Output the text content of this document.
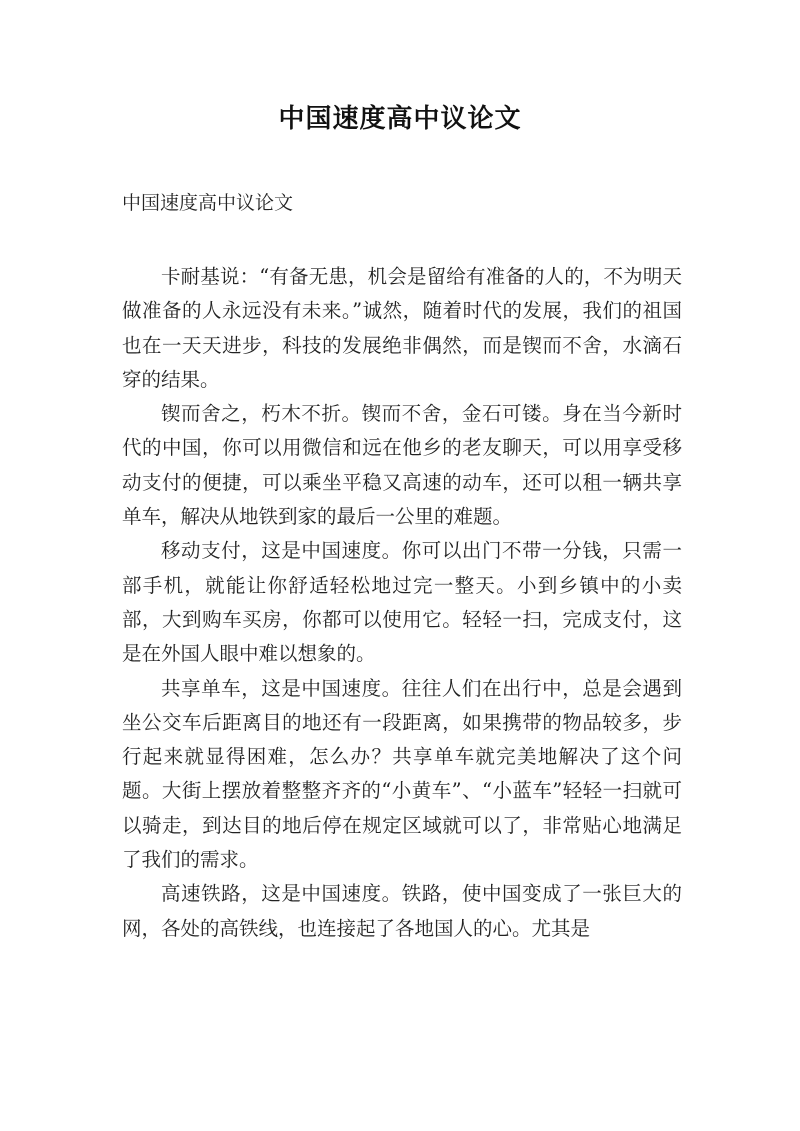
中国速度高中议论文

中国速度高中议论文

卡耐基说：“有备无患，机会是留给有准备的人的，不为明天做准备的人永远没有未来。”诚然，随着时代的发展，我们的祖国也在一天天进步，科技的发展绝非偶然，而是锲而不舍，水滴石穿的结果。

锲而舍之，朽木不折。锲而不舍，金石可镂。身在当今新时代的中国，你可以用微信和远在他乡的老友聊天，可以用享受移动支付的便捷，可以乘坐平稳又高速的动车，还可以租一辆共享单车，解决从地铁到家的最后一公里的难题。

移动支付，这是中国速度。你可以出门不带一分钱，只需一部手机，就能让你舒适轻松地过完一整天。小到乡镇中的小卖部，大到购车买房，你都可以使用它。轻轻一扫，完成支付，这是在外国人眼中难以想象的。

共享单车，这是中国速度。往往人们在出行中，总是会遇到坐公交车后距离目的地还有一段距离，如果携带的物品较多，步行起来就显得困难，怎么办？共享单车就完美地解决了这个问题。大街上摆放着整整齐齐的“小黄车”、“小蓝车”轻轻一扫就可以骑走，到达目的地后停在规定区域就可以了，非常贴心地满足了我们的需求。

高速铁路，这是中国速度。铁路，使中国变成了一张巨大的网，各处的高铁线，也连接起了各地国人的心。尤其是
